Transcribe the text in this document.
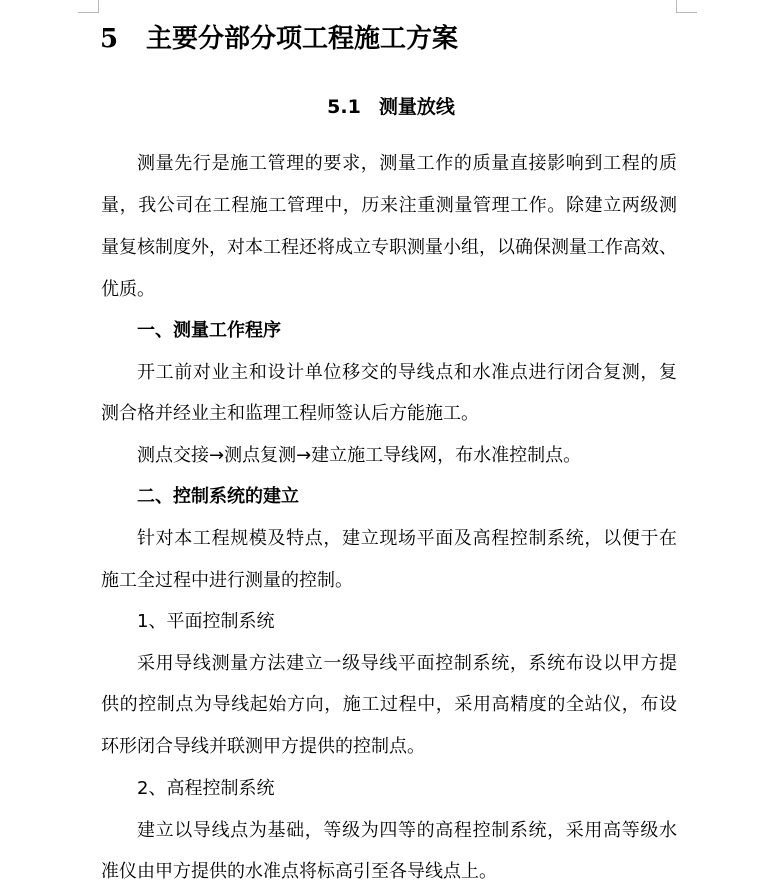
5 主要分部分项工程施工方案
5.1 测量放线
测量先行是施工管理的要求，测量工作的质量直接影响到工程的质
量，我公司在工程施工管理中，历来注重测量管理工作。除建立两级测
量复核制度外，对本工程还将成立专职测量小组，以确保测量工作高效、
优质。
一、测量工作程序
开工前对业主和设计单位移交的导线点和水准点进行闭合复测，复
测合格并经业主和监理工程师签认后方能施工。
测点交接→测点复测→建立施工导线网，布水准控制点。
二、控制系统的建立
针对本工程规模及特点，建立现场平面及高程控制系统，以便于在
施工全过程中进行测量的控制。
1、平面控制系统
采用导线测量方法建立一级导线平面控制系统，系统布设以甲方提
供的控制点为导线起始方向，施工过程中，采用高精度的全站仪，布设
环形闭合导线并联测甲方提供的控制点。
2、高程控制系统
建立以导线点为基础，等级为四等的高程控制系统，采用高等级水
准仪由甲方提供的水准点将标高引至各导线点上。
